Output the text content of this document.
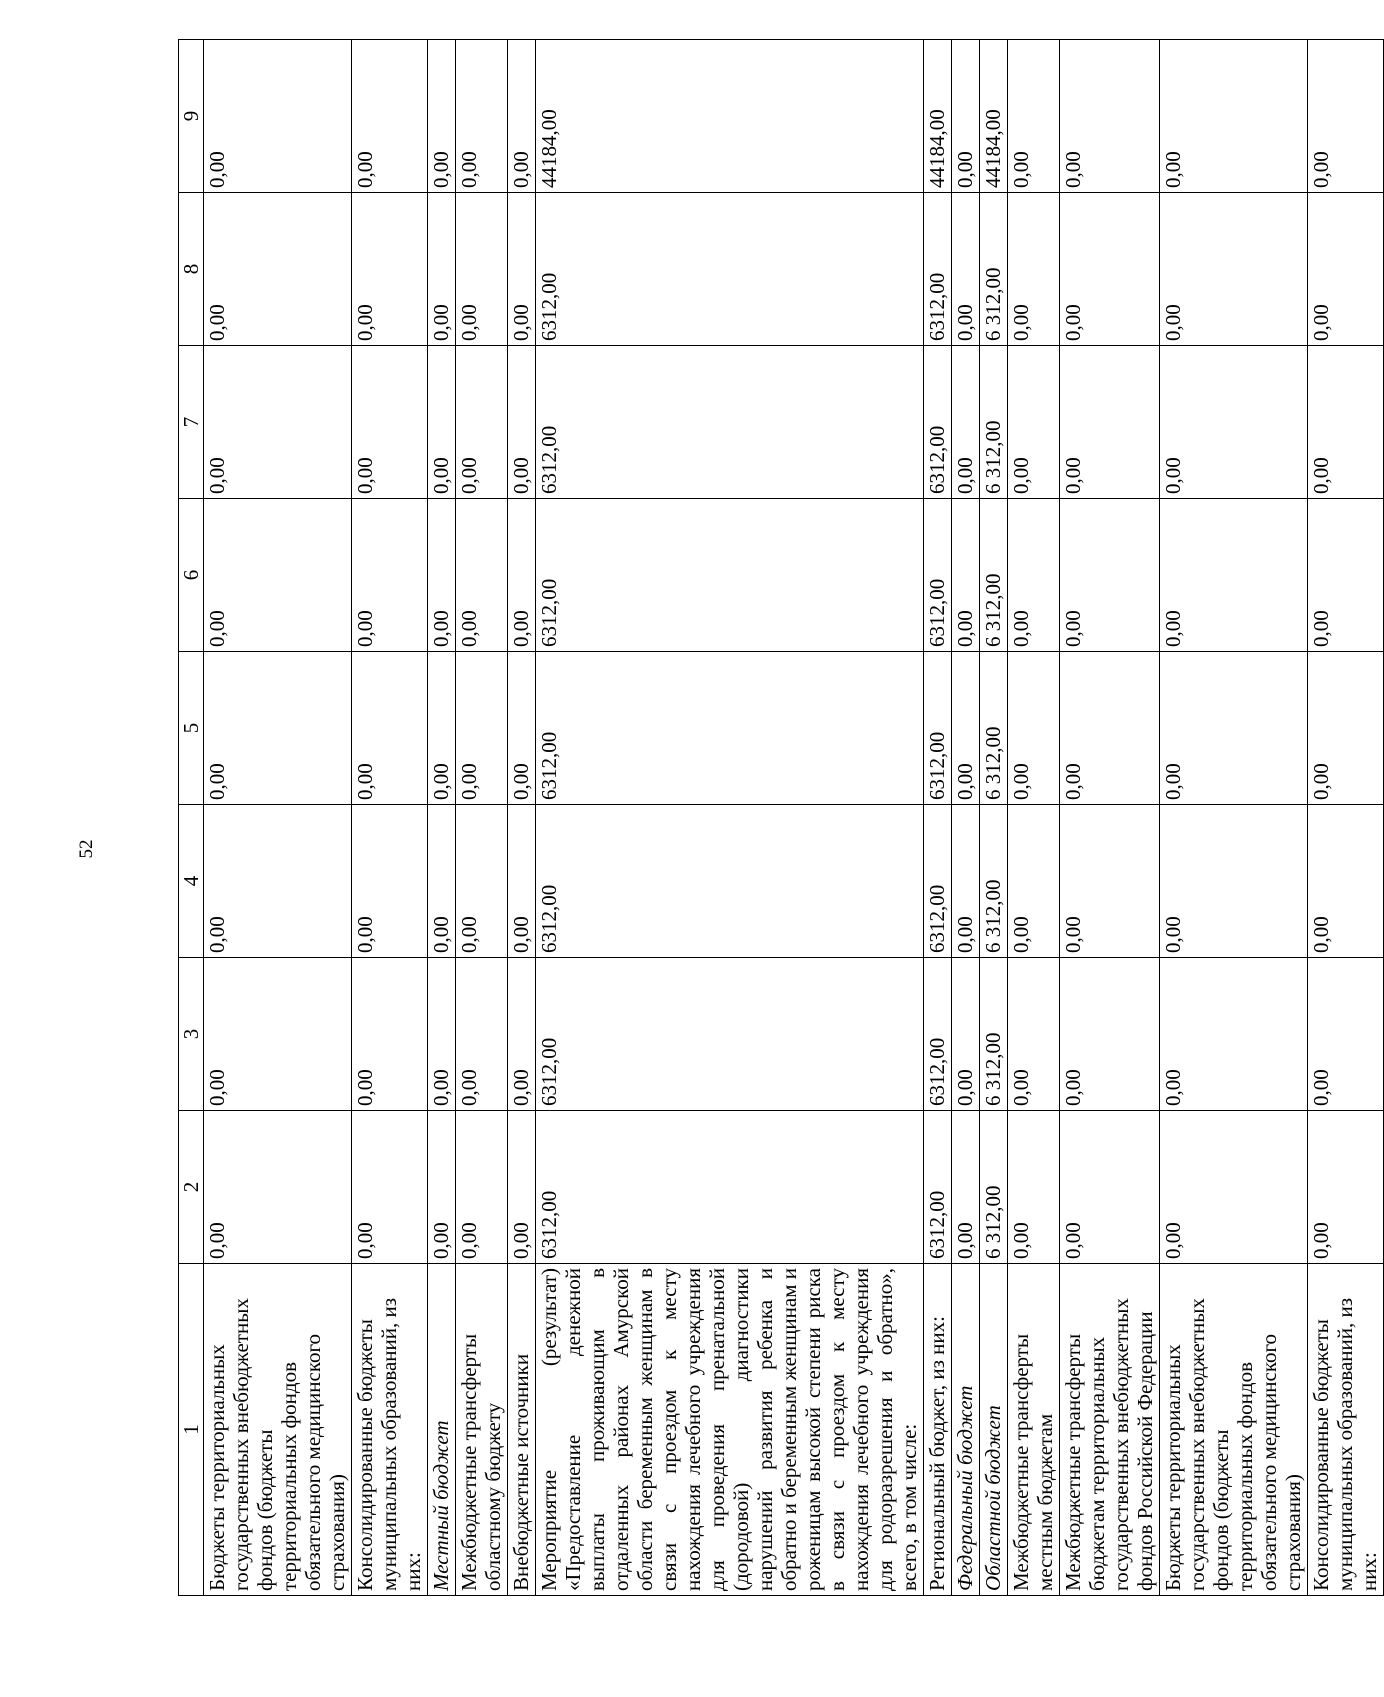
52
1	2	3	4	5	6	7	8	9
Бюджеты территориальных государственных внебюджетных фондов (бюджеты территориальных фондов обязательного медицинского страхования)	0,00	0,00	0,00	0,00	0,00	0,00	0,00	0,00
Консолидированные бюджеты муниципальных образований, из них:	0,00	0,00	0,00	0,00	0,00	0,00	0,00	0,00
Местный бюджет	0,00	0,00	0,00	0,00	0,00	0,00	0,00	0,00
Межбюджетные трансферты областному бюджету	0,00	0,00	0,00	0,00	0,00	0,00	0,00	0,00
Внебюджетные источники	0,00	0,00	0,00	0,00	0,00	0,00	0,00	0,00
Мероприятие (результат) «Предоставление денежной выплаты проживающим в отдаленных районах Амурской области беременным женщинам в связи с проездом к месту нахождения лечебного учреждения для проведения пренатальной (дородовой) диагностики нарушений развития ребенка и обратно и беременным женщинам и роженицам высокой степени риска в связи с проездом к месту нахождения лечебного учреждения для родоразрешения и обратно», всего, в том числе:	6312,00	6312,00	6312,00	6312,00	6312,00	6312,00	6312,00	44184,00
Региональный бюджет, из них:	6312,00	6312,00	6312,00	6312,00	6312,00	6312,00	6312,00	44184,00
Федеральный бюджет	0,00	0,00	0,00	0,00	0,00	0,00	0,00	0,00
Областной бюджет	6 312,00	6 312,00	6 312,00	6 312,00	6 312,00	6 312,00	6 312,00	44184,00
Межбюджетные трансферты местным бюджетам	0,00	0,00	0,00	0,00	0,00	0,00	0,00	0,00
Межбюджетные трансферты бюджетам территориальных государственных внебюджетных фондов Российской Федерации	0,00	0,00	0,00	0,00	0,00	0,00	0,00	0,00
Бюджеты территориальных государственных внебюджетных фондов (бюджеты территориальных фондов обязательного медицинского страхования)	0,00	0,00	0,00	0,00	0,00	0,00	0,00	0,00
Консолидированные бюджеты муниципальных образований, из них:	0,00	0,00	0,00	0,00	0,00	0,00	0,00	0,00
